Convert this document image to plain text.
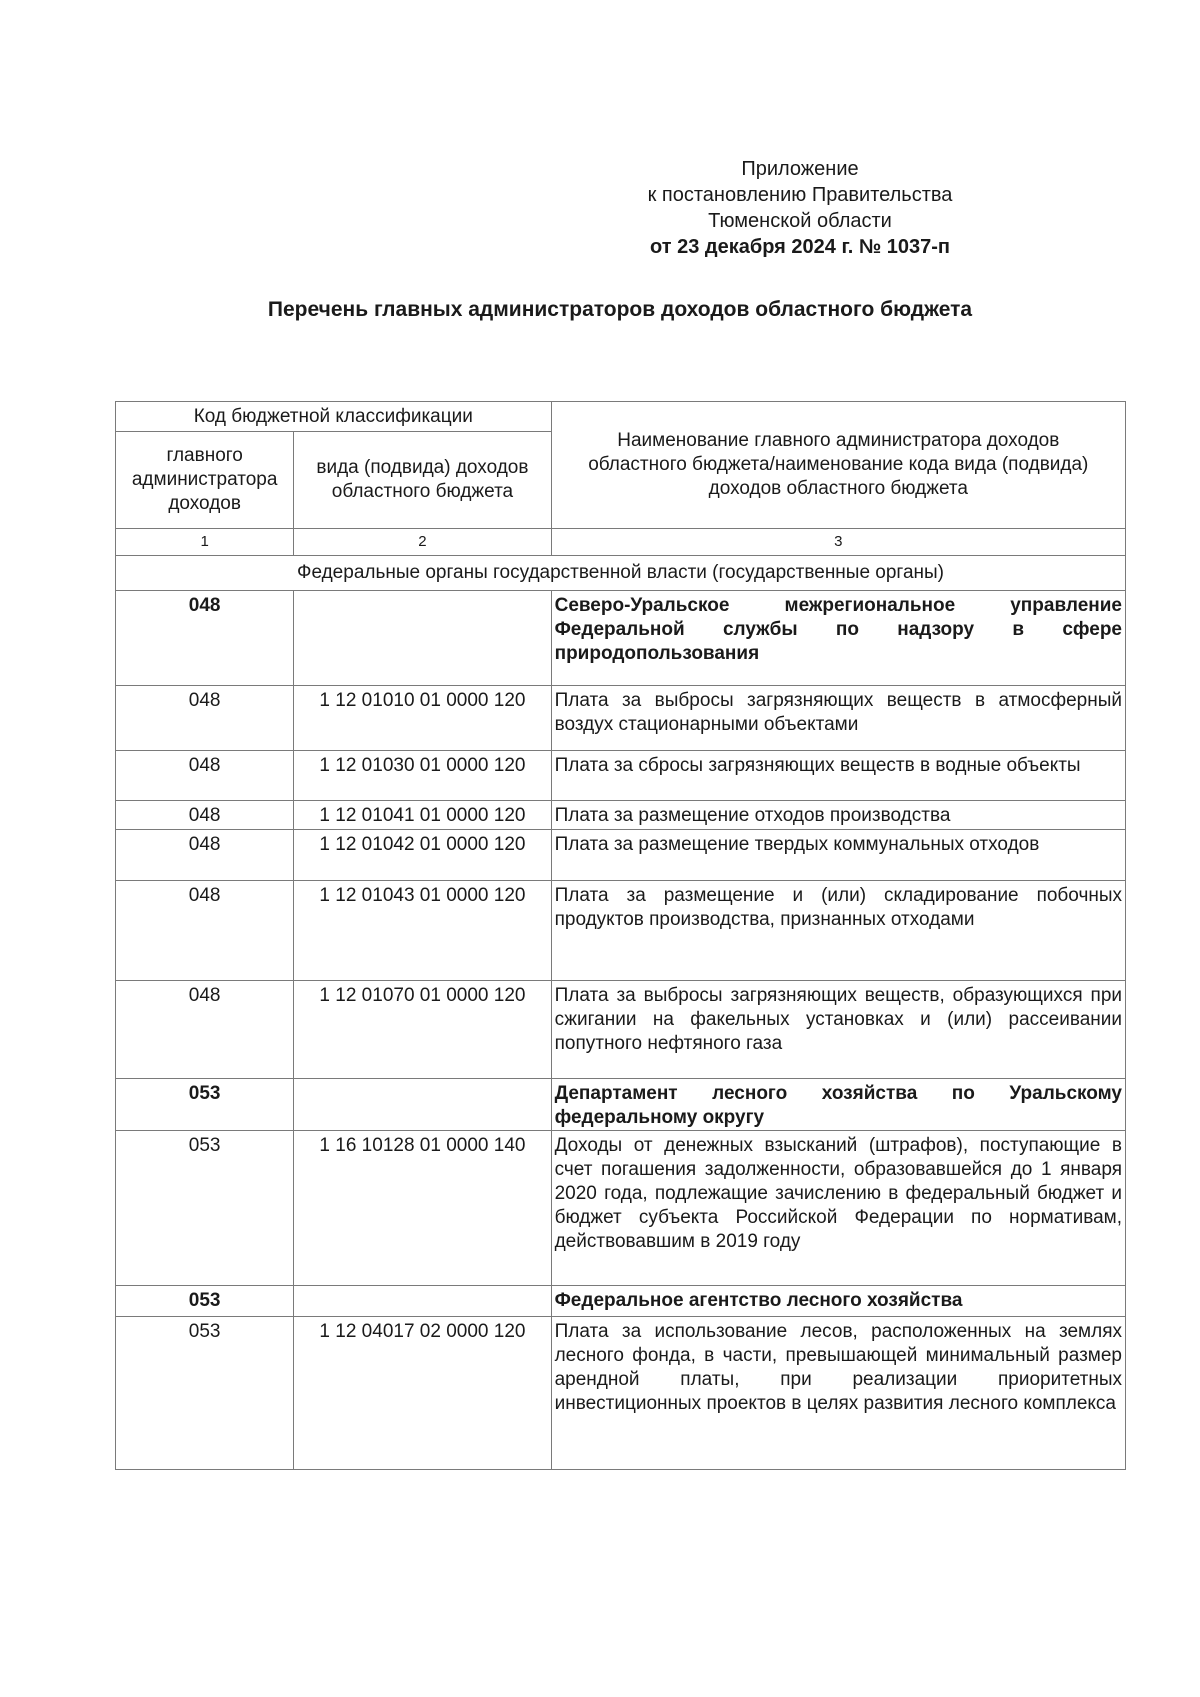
Приложение
к постановлению Правительства
Тюменской области
от 23 декабря 2024 г. № 1037-п
Перечень главных администраторов доходов областного бюджета
Код бюджетной классификации		Наименование главного администратора доходов областного бюджета/наименование кода вида (подвида) доходов областного бюджета
главного администратора доходов	вида (подвида) доходов областного бюджета	
1	2	3
Федеральные органы государственной власти (государственные органы)		
048		Северо-Уральское межрегиональное управление Федеральной службы по надзору в сфере природопользования
048	1 12 01010 01 0000 120	Плата за выбросы загрязняющих веществ в атмосферный воздух стационарными объектами
048	1 12 01030 01 0000 120	Плата за сбросы загрязняющих веществ в водные объекты
048	1 12 01041 01 0000 120	Плата за размещение отходов производства
048	1 12 01042 01 0000 120	Плата за размещение твердых коммунальных отходов
048	1 12 01043 01 0000 120	Плата за размещение и (или) складирование побочных продуктов производства, признанных отходами
048	1 12 01070 01 0000 120	Плата за выбросы загрязняющих веществ, образующихся при сжигании на факельных установках и (или) рассеивании попутного нефтяного газа
053		Департамент лесного хозяйства по Уральскому федеральному округу
053	1 16 10128 01 0000 140	Доходы от денежных взысканий (штрафов), поступающие в счет погашения задолженности, образовавшейся до 1 января 2020 года, подлежащие зачислению в федеральный бюджет и бюджет субъекта Российской Федерации по нормативам, действовавшим в 2019 году
053		Федеральное агентство лесного хозяйства
053	1 12 04017 02 0000 120	Плата за использование лесов, расположенных на землях лесного фонда, в части, превышающей минимальный размер арендной платы, при реализации приоритетных инвестиционных проектов в целях развития лесного комплекса
